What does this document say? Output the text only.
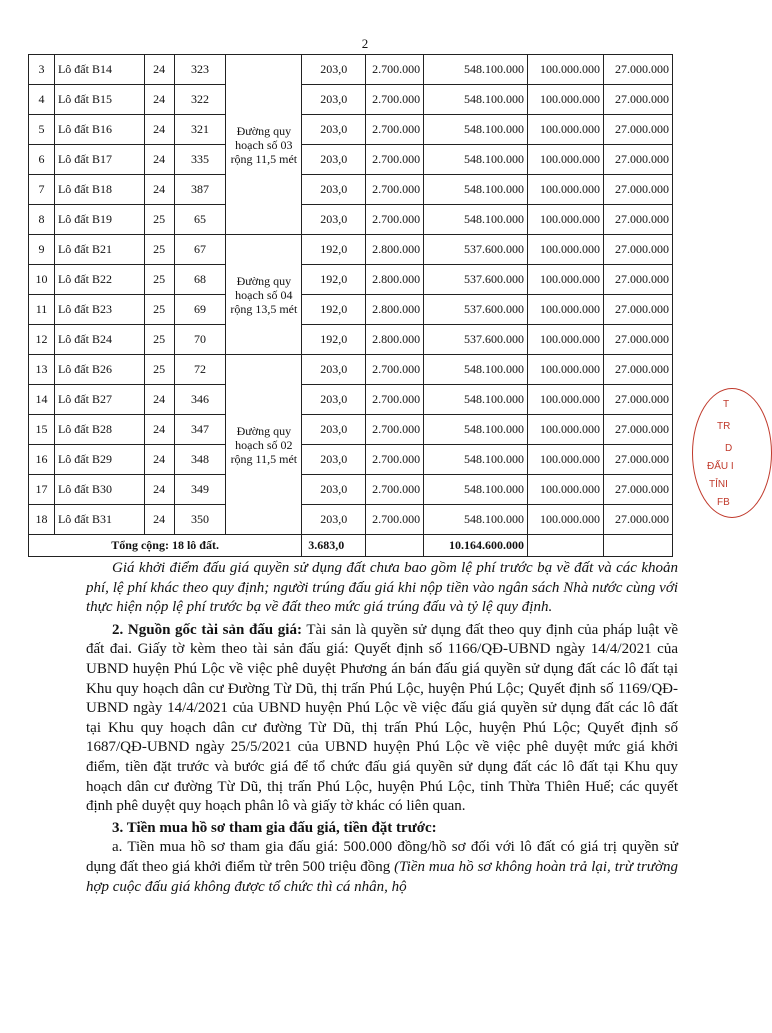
2
3	Lô đất B14	24	323	Đường quy hoạch số 03 rộng 11,5 mét	203,0	2.700.000	548.100.000	100.000.000	27.000.000
4	Lô đất B15	24	322		203,0	2.700.000	548.100.000	100.000.000	27.000.000
5	Lô đất B16	24	321		203,0	2.700.000	548.100.000	100.000.000	27.000.000
6	Lô đất B17	24	335		203,0	2.700.000	548.100.000	100.000.000	27.000.000
7	Lô đất B18	24	387		203,0	2.700.000	548.100.000	100.000.000	27.000.000
8	Lô đất B19	25	65		203,0	2.700.000	548.100.000	100.000.000	27.000.000
9	Lô đất B21	25	67	Đường quy hoạch số 04 rộng 13,5 mét	192,0	2.800.000	537.600.000	100.000.000	27.000.000
10	Lô đất B22	25	68		192,0	2.800.000	537.600.000	100.000.000	27.000.000
11	Lô đất B23	25	69		192,0	2.800.000	537.600.000	100.000.000	27.000.000
12	Lô đất B24	25	70		192,0	2.800.000	537.600.000	100.000.000	27.000.000
13	Lô đất B26	25	72	Đường quy hoạch số 02 rộng 11,5 mét	203,0	2.700.000	548.100.000	100.000.000	27.000.000
14	Lô đất B27	24	346		203,0	2.700.000	548.100.000	100.000.000	27.000.000
15	Lô đất B28	24	347		203,0	2.700.000	548.100.000	100.000.000	27.000.000
16	Lô đất B29	24	348		203,0	2.700.000	548.100.000	100.000.000	27.000.000
17	Lô đất B30	24	349		203,0	2.700.000	548.100.000	100.000.000	27.000.000
18	Lô đất B31	24	350		203,0	2.700.000	548.100.000	100.000.000	27.000.000
Tổng cộng: 18 lô đất.					3.683,0		10.164.600.000		

Giá khởi điểm đấu giá quyền sử dụng đất chưa bao gồm lệ phí trước bạ về đất và các khoản phí, lệ phí khác theo quy định; người trúng đấu giá khi nộp tiền vào ngân sách Nhà nước cùng với thực hiện nộp lệ phí trước bạ về đất theo mức giá trúng đấu và tỷ lệ quy định.

2. Nguồn gốc tài sản đấu giá: Tài sản là quyền sử dụng đất theo quy định của pháp luật về đất đai. Giấy tờ kèm theo tài sản đấu giá: Quyết định số 1166/QĐ-UBND ngày 14/4/2021 của UBND huyện Phú Lộc về việc phê duyệt Phương án bán đấu giá quyền sử dụng đất các lô đất tại Khu quy hoạch dân cư Đường Từ Dũ, thị trấn Phú Lộc, huyện Phú Lộc; Quyết định số 1169/QĐ-UBND ngày 14/4/2021 của UBND huyện Phú Lộc về việc đấu giá quyền sử dụng đất các lô đất tại Khu quy hoạch dân cư đường Từ Dũ, thị trấn Phú Lộc, huyện Phú Lộc; Quyết định số 1687/QĐ-UBND ngày 25/5/2021 của UBND huyện Phú Lộc về việc phê duyệt mức giá khởi điểm, tiền đặt trước và bước giá để tổ chức đấu giá quyền sử dụng đất các lô đất tại Khu quy hoạch dân cư đường Từ Dũ, thị trấn Phú Lộc, huyện Phú Lộc, tỉnh Thừa Thiên Huế; các quyết định phê duyệt quy hoạch phân lô và giấy tờ khác có liên quan.

3. Tiền mua hồ sơ tham gia đấu giá, tiền đặt trước:

a. Tiền mua hồ sơ tham gia đấu giá: 500.000 đồng/hồ sơ đối với lô đất có giá trị quyền sử dụng đất theo giá khởi điểm từ trên 500 triệu đồng (Tiền mua hồ sơ không hoàn trả lại, trừ trường hợp cuộc đấu giá không được tổ chức thì cá nhân, hộ

T
TR
D
ĐẤU I
TỈNI
FB
